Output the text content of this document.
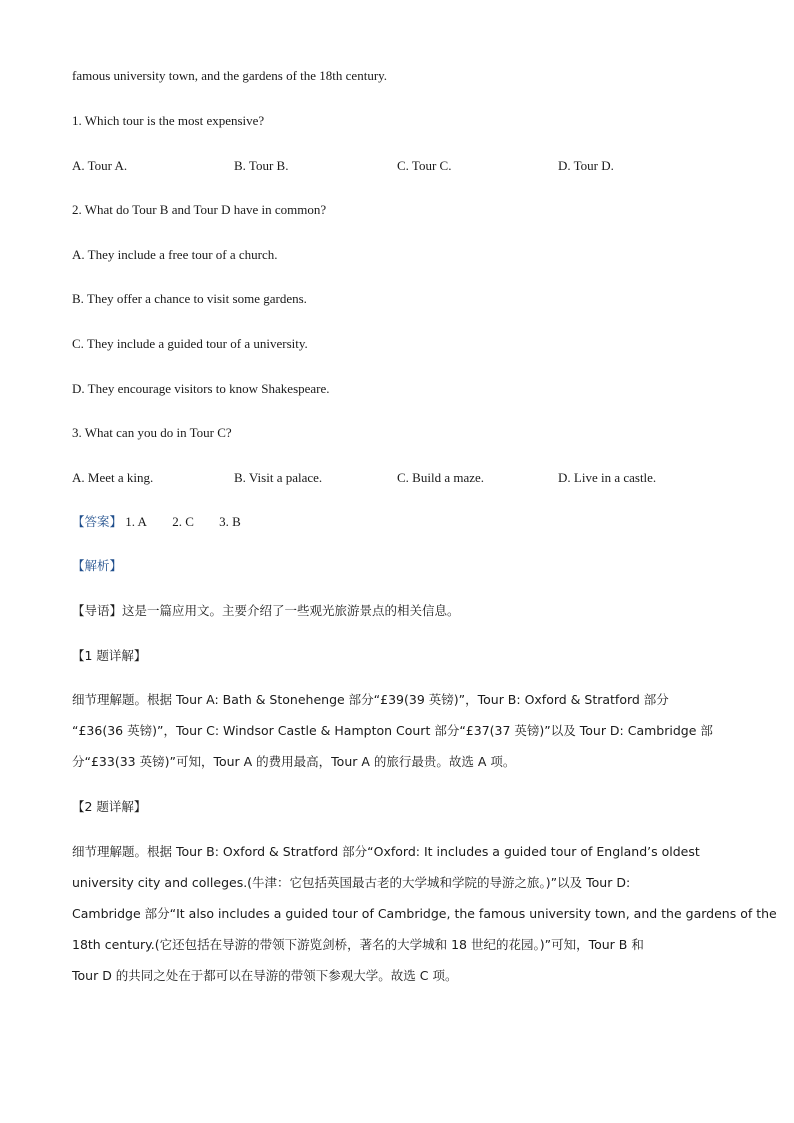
famous university town, and the gardens of the 18th century.
1. Which tour is the most expensive?
A. Tour A.	B. Tour B.	C. Tour C.	D. Tour D.
2. What do Tour B and Tour D have in common?
A. They include a free tour of a church.
B. They offer a chance to visit some gardens.
C. They include a guided tour of a university.
D. They encourage visitors to know Shakespeare.
3. What can you do in Tour C?
A. Meet a king.	B. Visit a palace.	C. Build a maze.	D. Live in a castle.
【答案】 1. A 2. C 3. B
【解析】
【导语】这是一篇应用文。主要介绍了一些观光旅游景点的相关信息。
【1 题详解】

细节理解题。根据 Tour A: Bath & Stonehenge 部分“£39(39 英镑)”，Tour B: Oxford & Stratford 部分

“£36(36 英镑)”，Tour C: Windsor Castle & Hampton Court 部分“£37(37 英镑)”以及 Tour D: Cambridge 部

分“£33(33 英镑)”可知，Tour A 的费用最高，Tour A 的旅行最贵。故选 A 项。

【2 题详解】

细节理解题。根据 Tour B: Oxford & Stratford 部分“Oxford: It includes a guided tour of England’s oldest

university city and colleges.(牛津：它包括英国最古老的大学城和学院的导游之旅。)”以及 Tour D:

Cambridge 部分“It also includes a guided tour of Cambridge, the famous university town, and the gardens of the

18th century.(它还包括在导游的带领下游览剑桥，著名的大学城和 18 世纪的花园。)”可知，Tour B 和

Tour D 的共同之处在于都可以在导游的带领下参观大学。故选 C 项。
